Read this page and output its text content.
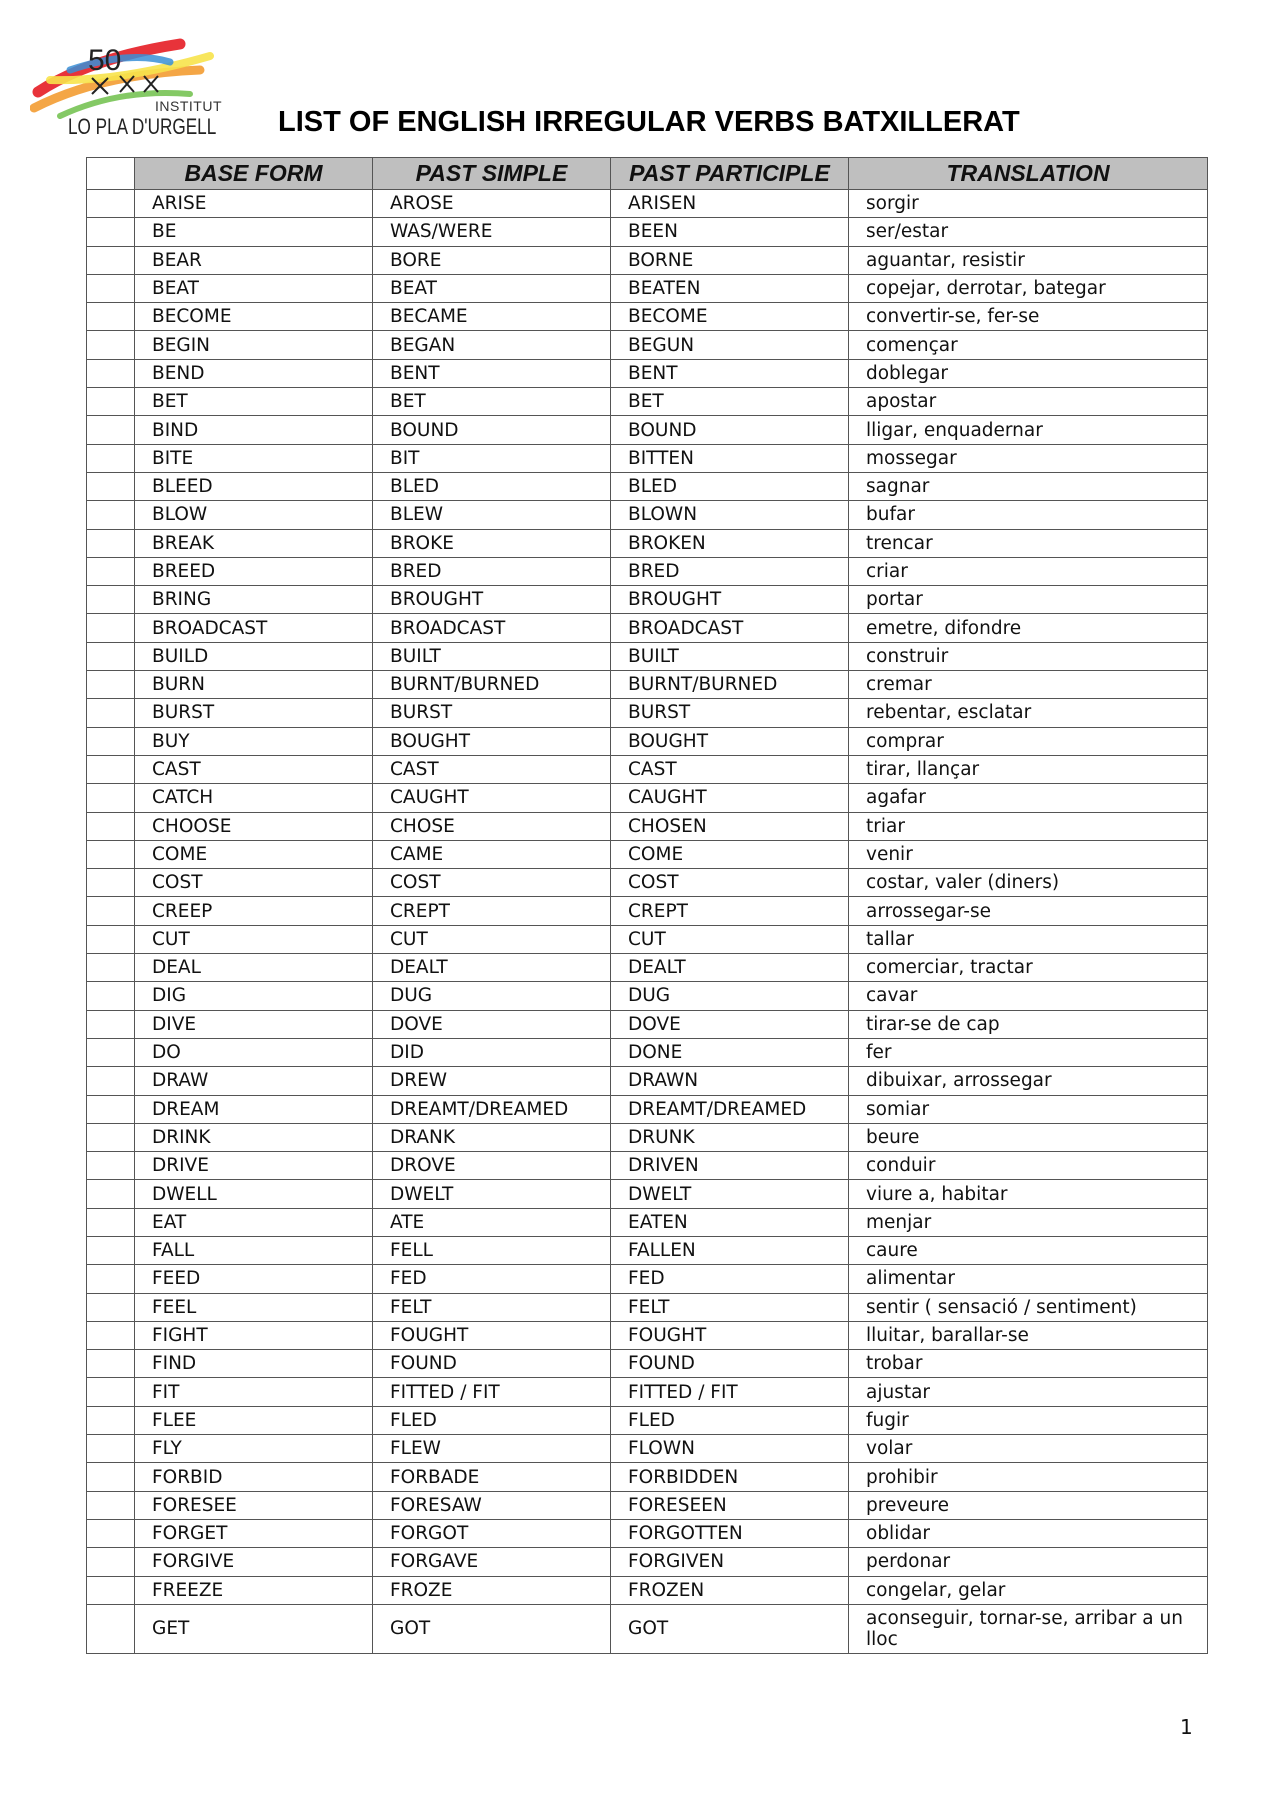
50
INSTITUT
LO PLA D'URGELL LIST OF ENGLISH IRREGULAR VERBS BATXILLERAT
	BASE FORM	PAST SIMPLE	PAST PARTICIPLE	TRANSLATION
	ARISE	AROSE	ARISEN	sorgir
	BE	WAS/WERE	BEEN	ser/estar
	BEAR	BORE	BORNE	aguantar, resistir
	BEAT	BEAT	BEATEN	copejar, derrotar, bategar
	BECOME	BECAME	BECOME	convertir-se, fer-se
	BEGIN	BEGAN	BEGUN	començar
	BEND	BENT	BENT	doblegar
	BET	BET	BET	apostar
	BIND	BOUND	BOUND	lligar, enquadernar
	BITE	BIT	BITTEN	mossegar
	BLEED	BLED	BLED	sagnar
	BLOW	BLEW	BLOWN	bufar
	BREAK	BROKE	BROKEN	trencar
	BREED	BRED	BRED	criar
	BRING	BROUGHT	BROUGHT	portar
	BROADCAST	BROADCAST	BROADCAST	emetre, difondre
	BUILD	BUILT	BUILT	construir
	BURN	BURNT/BURNED	BURNT/BURNED	cremar
	BURST	BURST	BURST	rebentar, esclatar
	BUY	BOUGHT	BOUGHT	comprar
	CAST	CAST	CAST	tirar, llançar
	CATCH	CAUGHT	CAUGHT	agafar
	CHOOSE	CHOSE	CHOSEN	triar
	COME	CAME	COME	venir
	COST	COST	COST	costar, valer (diners)
	CREEP	CREPT	CREPT	arrossegar-se
	CUT	CUT	CUT	tallar
	DEAL	DEALT	DEALT	comerciar, tractar
	DIG	DUG	DUG	cavar
	DIVE	DOVE	DOVE	tirar-se de cap
	DO	DID	DONE	fer
	DRAW	DREW	DRAWN	dibuixar, arrossegar
	DREAM	DREAMT/DREAMED	DREAMT/DREAMED	somiar
	DRINK	DRANK	DRUNK	beure
	DRIVE	DROVE	DRIVEN	conduir
	DWELL	DWELT	DWELT	viure a, habitar
	EAT	ATE	EATEN	menjar
	FALL	FELL	FALLEN	caure
	FEED	FED	FED	alimentar
	FEEL	FELT	FELT	sentir ( sensació / sentiment)
	FIGHT	FOUGHT	FOUGHT	lluitar, barallar-se
	FIND	FOUND	FOUND	trobar
	FIT	FITTED / FIT	FITTED / FIT	ajustar
	FLEE	FLED	FLED	fugir
	FLY	FLEW	FLOWN	volar
	FORBID	FORBADE	FORBIDDEN	prohibir
	FORESEE	FORESAW	FORESEEN	preveure
	FORGET	FORGOT	FORGOTTEN	oblidar
	FORGIVE	FORGAVE	FORGIVEN	perdonar
	FREEZE	FROZE	FROZEN	congelar, gelar
	GET	GOT	GOT	aconseguir, tornar-se, arribar a un lloc
1
